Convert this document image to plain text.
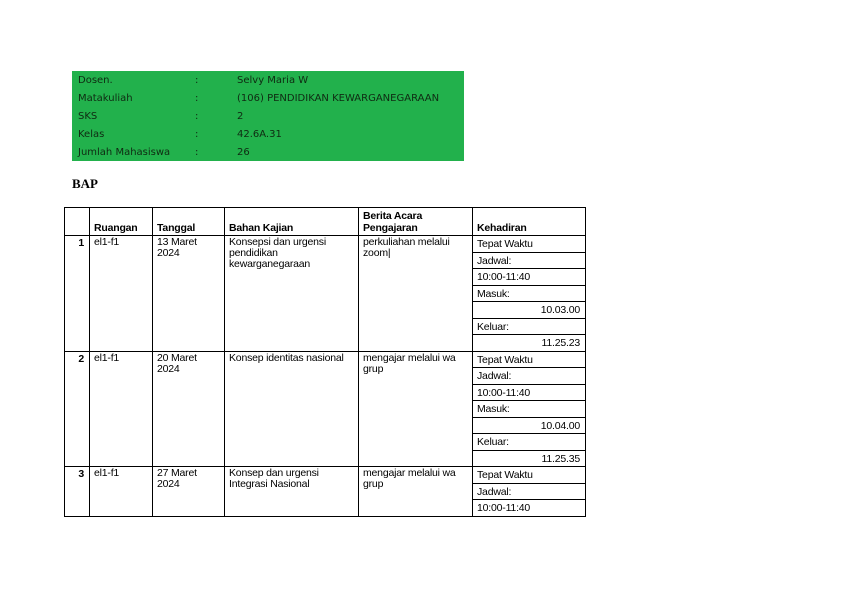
Dosen.	:	Selvy Maria W
Matakuliah	:	(106) PENDIDIKAN KEWARGANEGARAAN
SKS	:	2
Kelas	:	42.6A.31
Jumlah Mahasiswa :	26
BAP
	Ruangan	Tanggal	Bahan Kajian	Berita Acara Pengajaran	Kehadiran
1	el1-f1	13 Maret 2024	Konsepsi dan urgensi pendidikan kewarganegaraan	perkuliahan melalui zoom|	Tepat Waktu
					Jadwal:
					10:00-11:40
					Masuk:
					10.03.00
					Keluar:
					11.25.23
2	el1-f1	20 Maret 2024	Konsep identitas nasional	mengajar melalui wa grup	Tepat Waktu
					Jadwal:
					10:00-11:40
					Masuk:
					10.04.00
					Keluar:
					11.25.35
3	el1-f1	27 Maret 2024	Konsep dan urgensi Integrasi Nasional	mengajar melalui wa grup	Tepat Waktu
					Jadwal:
					10:00-11:40
